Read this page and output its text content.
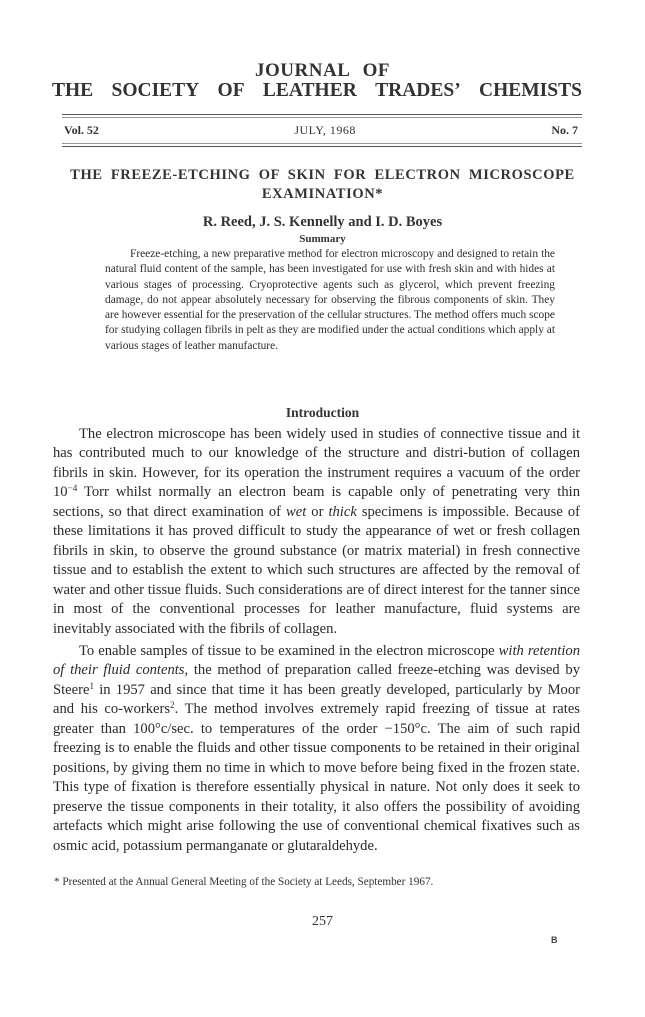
JOURNAL OF
THE SOCIETY OF LEATHER TRADES’ CHEMISTS
Vol. 52	JULY, 1968	No. 7
THE FREEZE-ETCHING OF SKIN FOR ELECTRON MICROSCOPE EXAMINATION*
R. Reed, J. S. Kennelly and I. D. Boyes
Summary
Freeze-etching, a new preparative method for electron microscopy and designed to retain the natural fluid content of the sample, has been investigated for use with fresh skin and with hides at various stages of processing. Cryoprotective agents such as glycerol, which prevent freezing damage, do not appear absolutely necessary for observing the fibrous components of skin. They are however essential for the preservation of the cellular structures. The method offers much scope for studying collagen fibrils in pelt as they are modified under the actual conditions which apply at various stages of leather manufacture.
Introduction
The electron microscope has been widely used in studies of connective tissue and it has contributed much to our knowledge of the structure and distri-bution of collagen fibrils in skin. However, for its operation the instrument requires a vacuum of the order $10^{-4}$ Torr whilst normally an electron beam is capable only of penetrating very thin sections, so that direct examination of wet or thick specimens is impossible. Because of these limitations it has proved difficult to study the appearance of wet or fresh collagen fibrils in skin, to observe the ground substance (or matrix material) in fresh connective tissue and to establish the extent to which such structures are affected by the removal of water and other tissue fluids. Such considerations are of direct interest for the tanner since in most of the conventional processes for leather manufacture, fluid systems are inevitably associated with the fibrils of collagen.
To enable samples of tissue to be examined in the electron microscope with retention of their fluid contents, the method of preparation called freeze-etching was devised by Steere$^1$ in 1957 and since that time it has been greatly developed, particularly by Moor and his co-workers$^2$. The method involves extremely rapid freezing of tissue at rates greater than 100°c/sec. to temperatures of the order −150°c. The aim of such rapid freezing is to enable the fluids and other tissue components to be retained in their original positions, by giving them no time in which to move before being fixed in the frozen state. This type of fixation is therefore essentially physical in nature. Not only does it seek to preserve the tissue components in their totality, it also offers the possibility of avoiding artefacts which might arise following the use of conventional chemical fixatives such as osmic acid, potassium permanganate or glutaraldehyde.
* Presented at the Annual General Meeting of the Society at Leeds, September 1967.
257
B
